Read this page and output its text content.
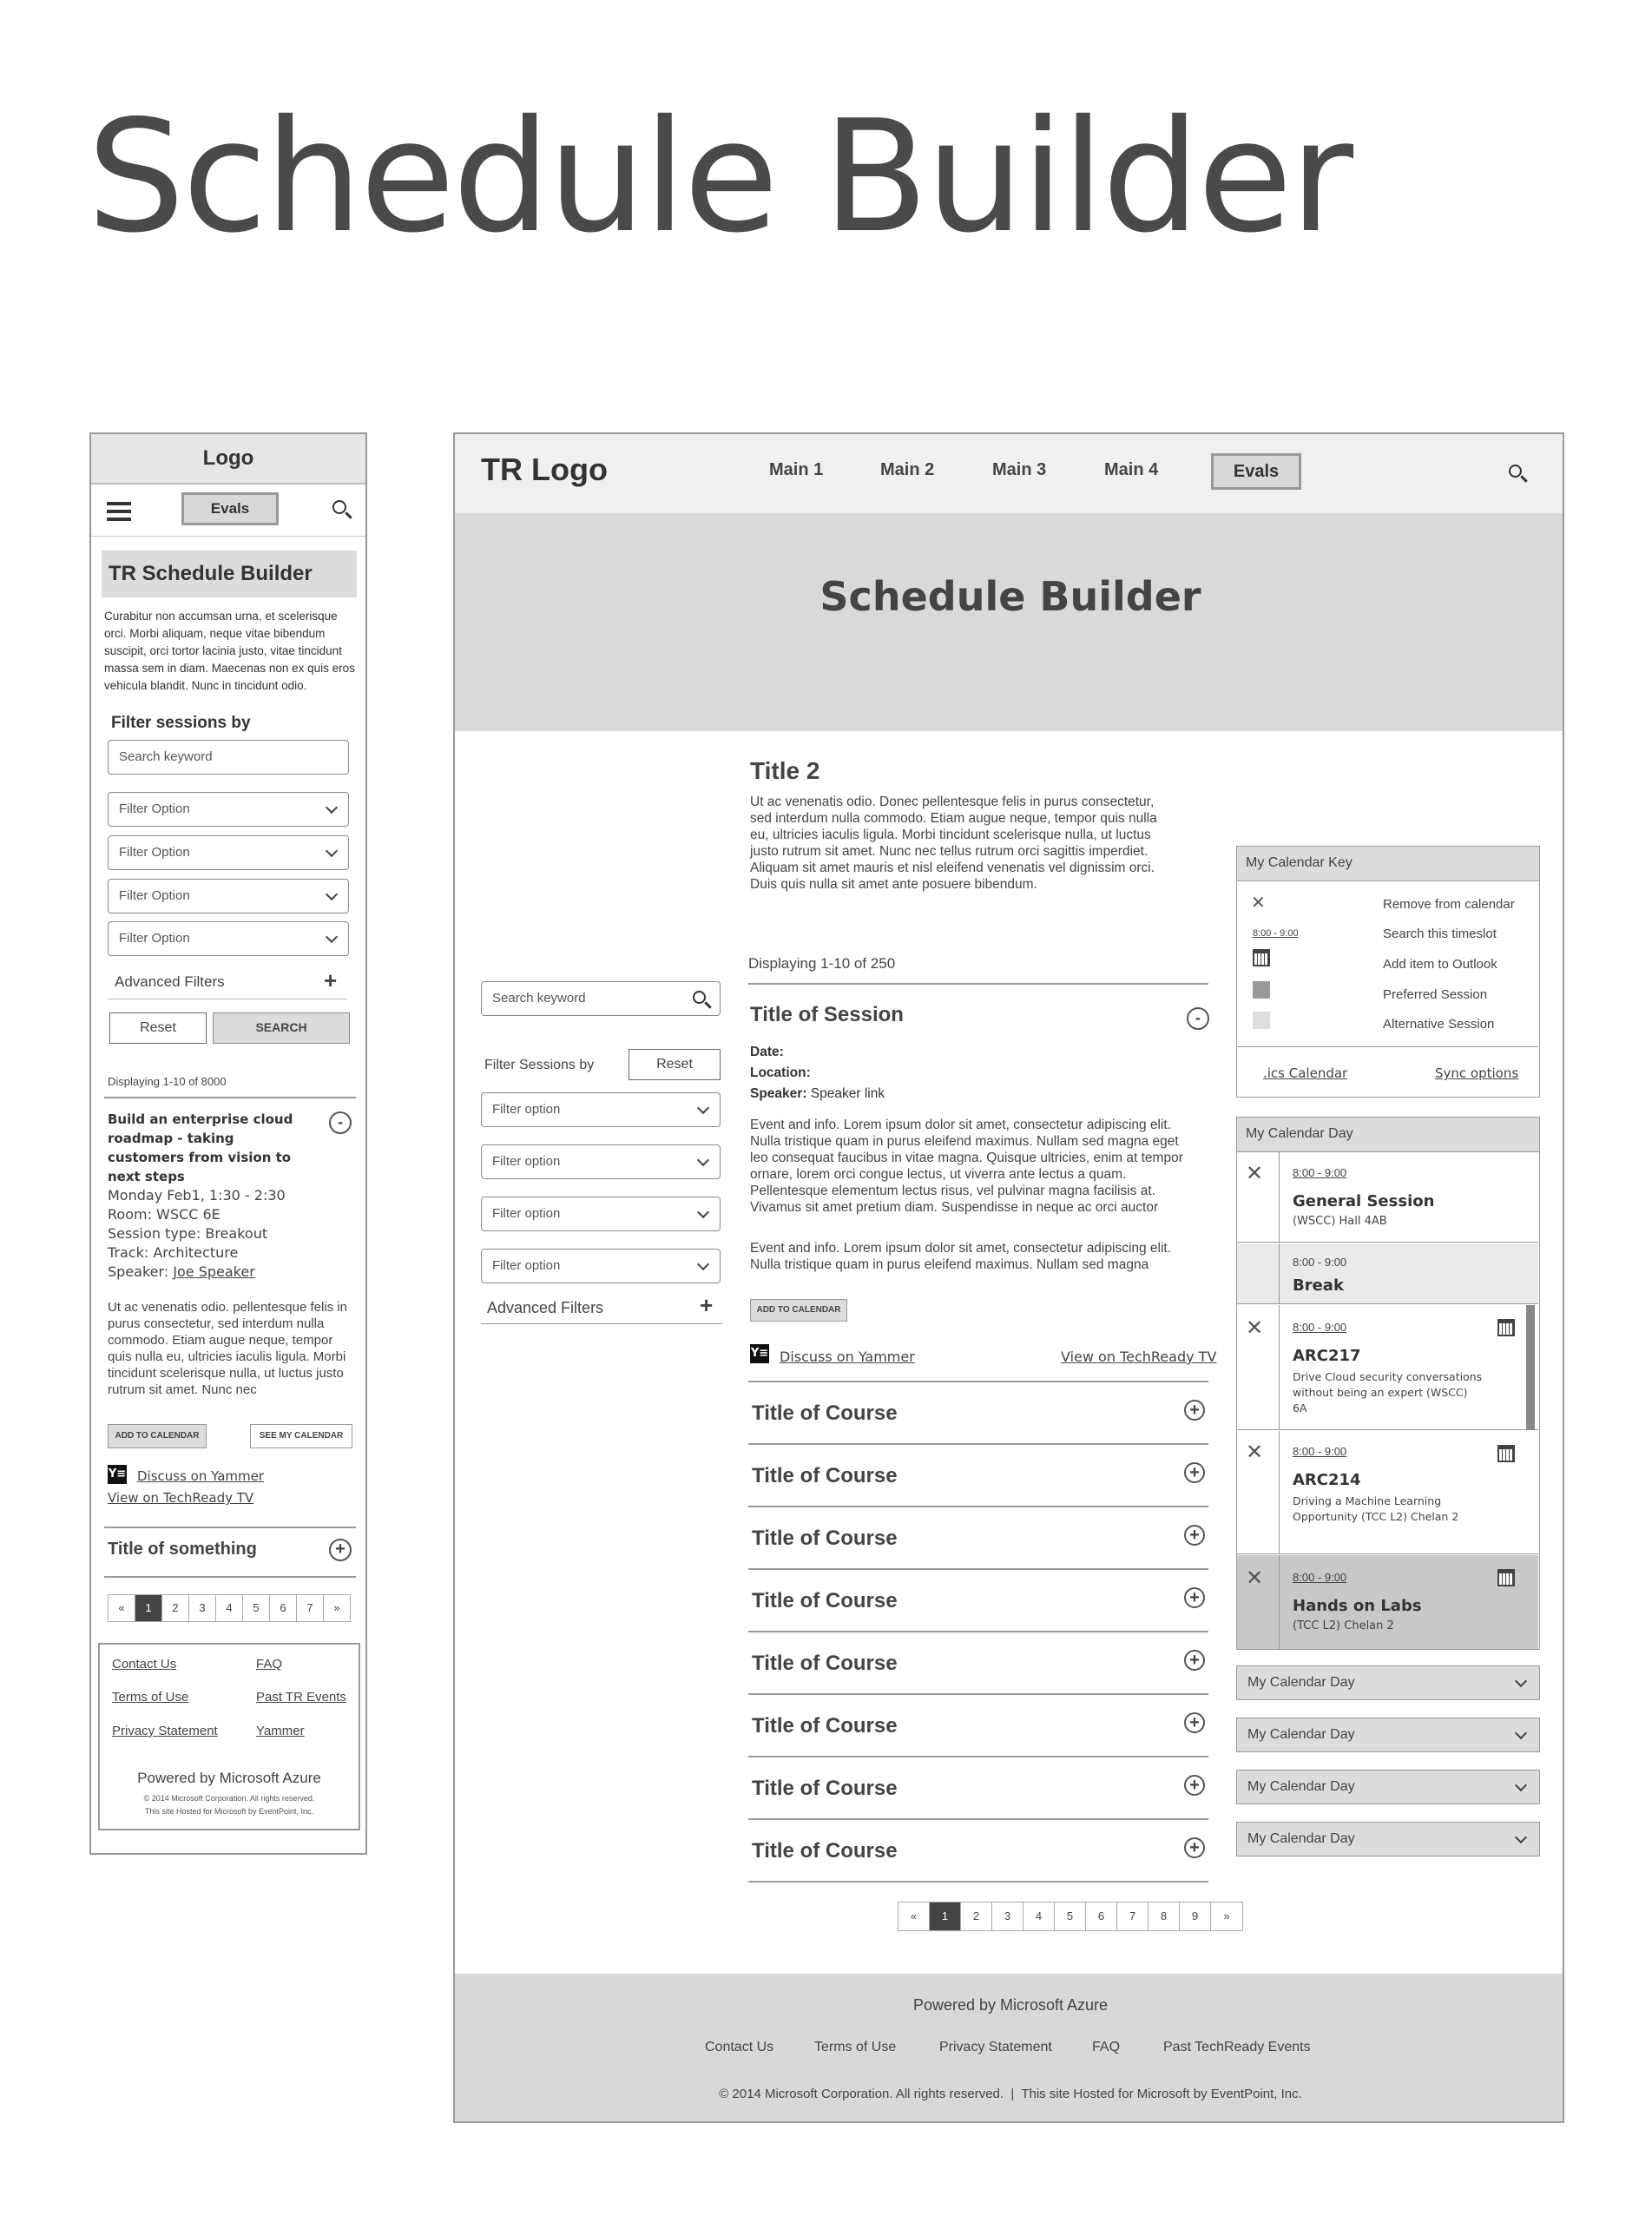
Schedule Builder
Logo
Evals
TR Schedule Builder
Curabitur non accumsan urna, et scelerisque orci. Morbi aliquam, neque vitae bibendum suscipit, orci tortor lacinia justo, vitae tincidunt massa sem in diam. Maecenas non ex quis eros vehicula blandit. Nunc in tincidunt odio.
Filter sessions by
Search keyword
Filter Option
Filter Option
Filter Option
Filter Option
Advanced Filters	+
Reset	SEARCH
Displaying 1-10 of 8000
Build an enterprise cloud roadmap - taking customers from vision to next steps
-
Monday Feb1, 1:30 - 2:30
Room: WSCC 6E
Session type: Breakout
Track: Architecture
Speaker: Joe Speaker
Ut ac venenatis odio. pellentesque felis in purus consectetur, sed interdum nulla commodo. Etiam augue neque, tempor quis nulla eu, ultricies iaculis ligula. Morbi tincidunt scelerisque nulla, ut luctus justo rutrum sit amet. Nunc nec
ADD TO CALENDAR	SEE MY CALENDAR
Y≡ Discuss on Yammer
View on TechReady TV
Title of something	+
«	1	2	3	4	5	6	7	»
Contact Us	FAQ
Terms of Use	Past TR Events
Privacy Statement	Yammer
Powered by Microsoft Azure
© 2014 Microsoft Corporation. All rights reserved.
This site Hosted for Microsoft by EventPoint, Inc.
TR Logo	Main 1	Main 2	Main 3	Main 4	Evals
Schedule Builder
Search keyword
Filter Sessions by	Reset
Filter option
Filter option
Filter option
Filter option
Advanced Filters	+
Title 2
Ut ac venenatis odio. Donec pellentesque felis in purus consectetur, sed interdum nulla commodo. Etiam augue neque, tempor quis nulla eu, ultricies iaculis ligula. Morbi tincidunt scelerisque nulla, ut luctus justo rutrum sit amet. Nunc nec tellus rutrum orci sagittis imperdiet. Aliquam sit amet mauris et nisl eleifend venenatis vel dignissim orci. Duis quis nulla sit amet ante posuere bibendum.
Displaying 1-10 of 250
Title of Session	-
Date:
Location:
Speaker: Speaker link
Event and info. Lorem ipsum dolor sit amet, consectetur adipiscing elit. Nulla tristique quam in purus eleifend maximus. Nullam sed magna eget leo consequat faucibus in vitae magna. Quisque ultricies, enim at tempor ornare, lorem orci congue lectus, ut viverra ante lectus a quam. Pellentesque elementum lectus risus, vel pulvinar magna facilisis at. Vivamus sit amet pretium diam. Suspendisse in neque ac orci auctor
Event and info. Lorem ipsum dolor sit amet, consectetur adipiscing elit. Nulla tristique quam in purus eleifend maximus. Nullam sed magna
ADD TO CALENDAR
Y≡ Discuss on Yammer	View on TechReady TV
Title of Course	+
Title of Course	+
Title of Course	+
Title of Course	+
Title of Course	+
Title of Course	+
Title of Course	+
Title of Course	+
«	1	2	3	4	5	6	7	8	9	»
My Calendar Key
✕	Remove from calendar
8:00 - 9:00	Search this timeslot
Add item to Outlook
Preferred Session
Alternative Session
.ics Calendar	Sync options
My Calendar Day
✕	8:00 - 9:00
General Session
(WSCC) Hall 4AB
8:00 - 9:00
Break
✕	8:00 - 9:00
ARC217
Drive Cloud security conversations without being an expert (WSCC) 6A
✕	8:00 - 9:00
ARC214
Driving a Machine Learning Opportunity (TCC L2) Chelan 2
✕	8:00 - 9:00
Hands on Labs
(TCC L2) Chelan 2
My Calendar Day
My Calendar Day
My Calendar Day
My Calendar Day
Powered by Microsoft Azure
Contact Us	Terms of Use	Privacy Statement	FAQ	Past TechReady Events
© 2014 Microsoft Corporation. All rights reserved.  |  This site Hosted for Microsoft by EventPoint, Inc.
